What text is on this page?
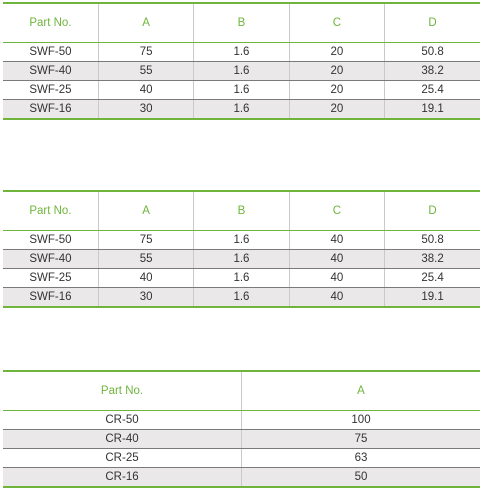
Part No.	A	B	C	D
SWF-50	75	1.6	20	50.8
SWF-40	55	1.6	20	38.2
SWF-25	40	1.6	20	25.4
SWF-16	30	1.6	20	19.1
Part No.	A	B	C	D
SWF-50	75	1.6	40	50.8
SWF-40	55	1.6	40	38.2
SWF-25	40	1.6	40	25.4
SWF-16	30	1.6	40	19.1
Part No.	A
CR-50	100
CR-40	75
CR-25	63
CR-16	50
